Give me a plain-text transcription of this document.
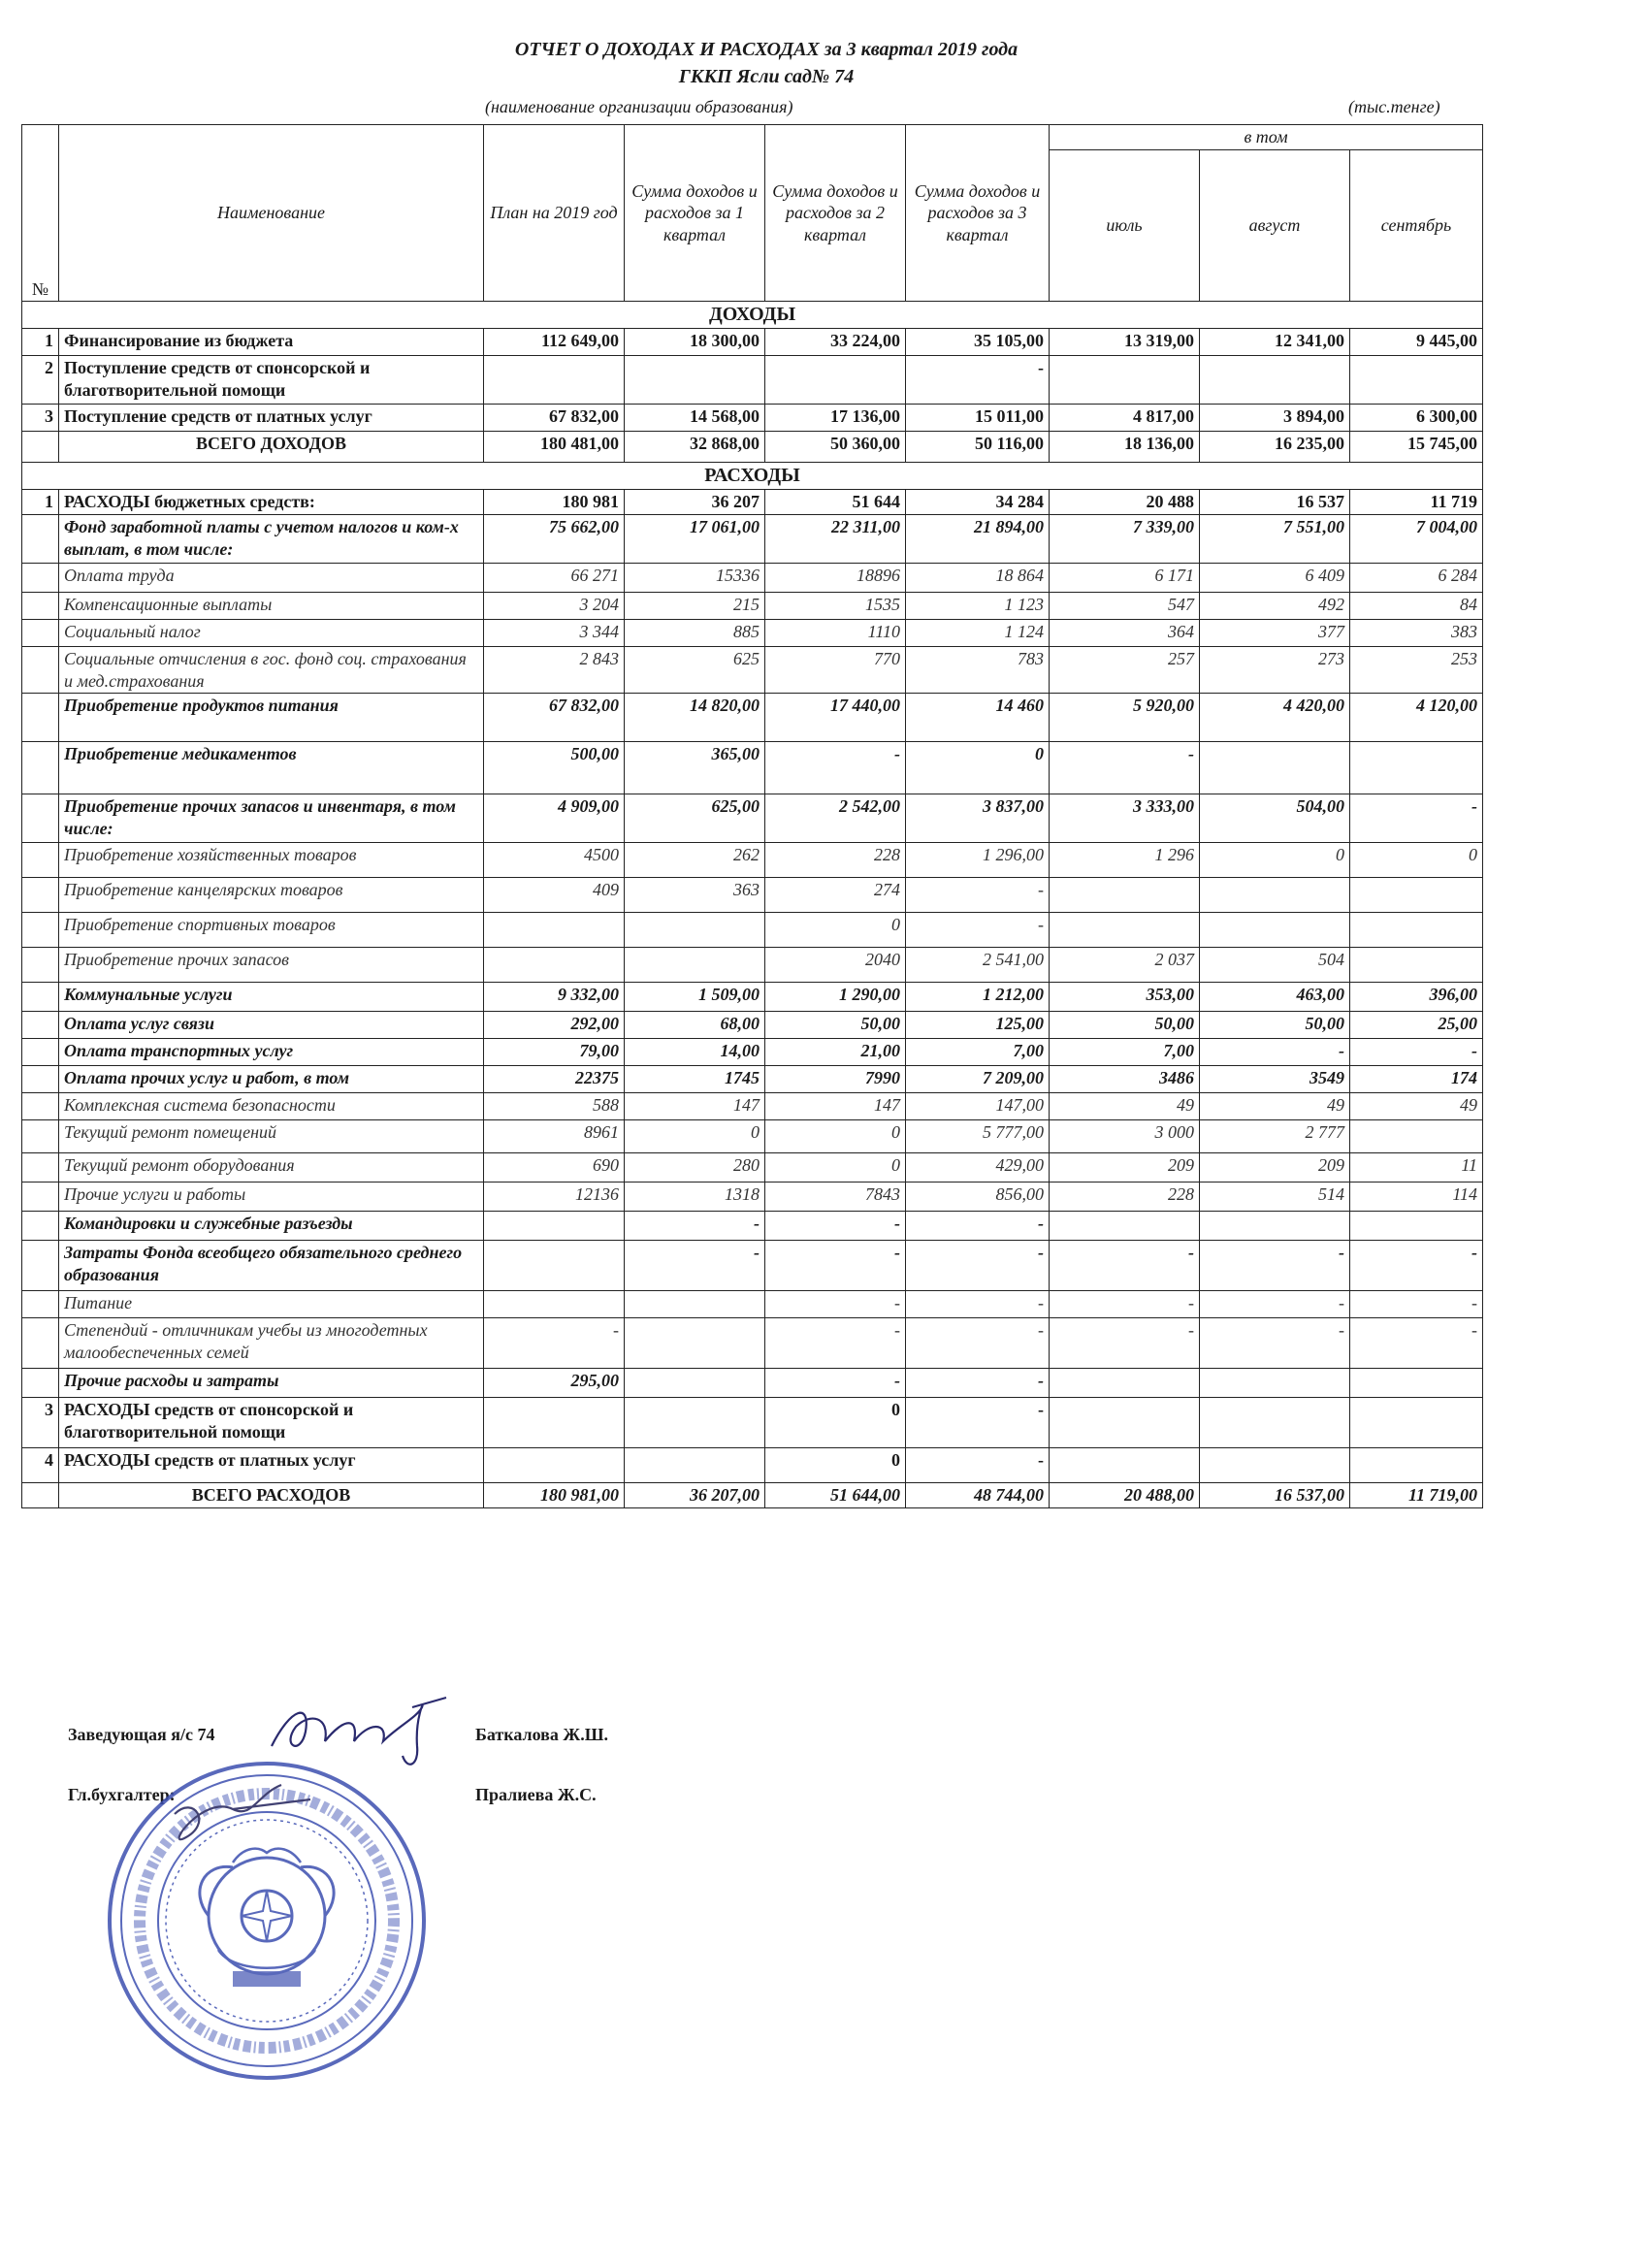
ОТЧЕТ О ДОХОДАХ И РАСХОДАХ за 3 квартал 2019 года
ГККП Ясли сад№ 74
(наименование организации образования)	(тыс.тенге)
№	Наименование	План на 2019 год	Сумма доходов и расходов за 1 квартал	Сумма доходов и расходов за 2 квартал	Сумма доходов и расходов за 3 квартал	в том		
						июль	август	сентябрь
ДОХОДЫ								
1	Финансирование из бюджета	112 649,00	18 300,00	33 224,00	35 105,00	13 319,00	12 341,00	9 445,00
2	Поступление средств от спонсорской и благотворительной помощи				-			
3	Поступление средств от платных услуг	67 832,00	14 568,00	17 136,00	15 011,00	4 817,00	3 894,00	6 300,00
	ВСЕГО ДОХОДОВ	180 481,00	32 868,00	50 360,00	50 116,00	18 136,00	16 235,00	15 745,00
РАСХОДЫ								
1	РАСХОДЫ бюджетных средств:	180 981	36 207	51 644	34 284	20 488	16 537	11 719
	Фонд заработной платы с учетом налогов и ком-х выплат, в том числе:	75 662,00	17 061,00	22 311,00	21 894,00	7 339,00	7 551,00	7 004,00
	Оплата труда	66 271	15336	18896	18 864	6 171	6 409	6 284
	Компенсационные выплаты	3 204	215	1535	1 123	547	492	84
	Социальный налог	3 344	885	1110	1 124	364	377	383
	Социальные отчисления в гос. фонд соц. страхования и мед.страхования	2 843	625	770	783	257	273	253
	Приобретение продуктов питания	67 832,00	14 820,00	17 440,00	14 460	5 920,00	4 420,00	4 120,00
	Приобретение медикаментов	500,00	365,00	-	0	-		
	Приобретение прочих запасов и инвентаря, в том числе:	4 909,00	625,00	2 542,00	3 837,00	3 333,00	504,00	-
	Приобретение хозяйственных товаров	4500	262	228	1 296,00	1 296	0	0
	Приобретение канцелярских товаров	409	363	274	-			
	Приобретение спортивных товаров			0	-			
	Приобретение прочих запасов			2040	2 541,00	2 037	504	
	Коммунальные услуги	9 332,00	1 509,00	1 290,00	1 212,00	353,00	463,00	396,00
	Оплата услуг связи	292,00	68,00	50,00	125,00	50,00	50,00	25,00
	Оплата транспортных услуг	79,00	14,00	21,00	7,00	7,00	-	-
	Оплата прочих услуг и работ, в том	22375	1745	7990	7 209,00	3486	3549	174
	Комплексная система безопасности	588	147	147	147,00	49	49	49
	Текущий ремонт помещений	8961	0	0	5 777,00	3 000	2 777	
	Текущий ремонт оборудования	690	280	0	429,00	209	209	11
	Прочие услуги и работы	12136	1318	7843	856,00	228	514	114
	Командировки и служебные разъезды		-	-	-			
	Затраты Фонда всеобщего обязательного среднего образования		-	-	-	-	-	-
	Питание			-	-	-	-	-
	Степендий - отличникам учебы из многодетных малообеспеченных семей	-		-	-	-	-	-
	Прочие расходы и затраты	295,00		-	-			
3	РАСХОДЫ средств от спонсорской и благотворительной помощи			0	-			
4	РАСХОДЫ средств от платных услуг			0	-			
	ВСЕГО РАСХОДОВ	180 981,00	36 207,00	51 644,00	48 744,00	20 488,00	16 537,00	11 719,00
Заведующая я/с 74	Баткалова Ж.Ш.
Гл.бухгалтер:	Пралиева Ж.С.
